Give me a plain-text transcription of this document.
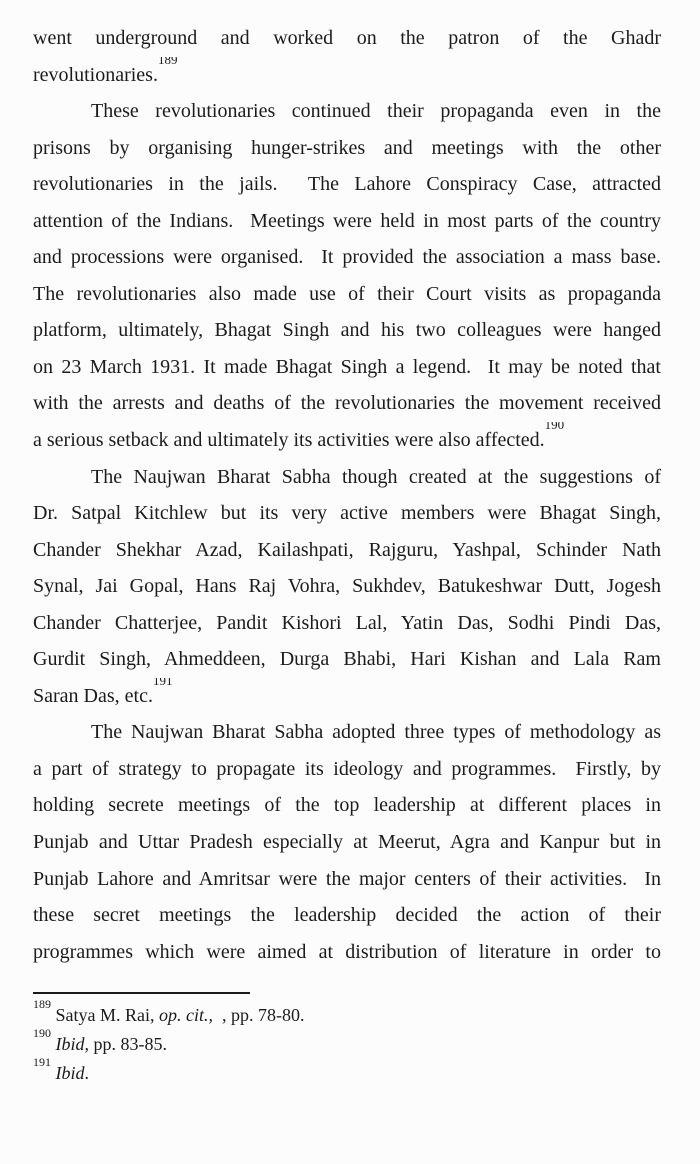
went underground and worked on the patron of the Ghadr
revolutionaries.$^{189}$
These revolutionaries continued their propaganda even in the
prisons by organising hunger-strikes and meetings with the other
revolutionaries in the jails.  The Lahore Conspiracy Case, attracted
attention of the Indians.  Meetings were held in most parts of the country
and processions were organised.  It provided the association a mass base.
The revolutionaries also made use of their Court visits as propaganda
platform, ultimately, Bhagat Singh and his two colleagues were hanged
on 23 March 1931. It made Bhagat Singh a legend.  It may be noted that
with the arrests and deaths of the revolutionaries the movement received
a serious setback and ultimately its activities were also affected.$^{190}$
The Naujwan Bharat Sabha though created at the suggestions of
Dr. Satpal Kitchlew but its very active members were Bhagat Singh,
Chander Shekhar Azad, Kailashpati, Rajguru, Yashpal, Schinder Nath
Synal, Jai Gopal, Hans Raj Vohra, Sukhdev, Batukeshwar Dutt, Jogesh
Chander Chatterjee, Pandit Kishori Lal, Yatin Das, Sodhi Pindi Das,
Gurdit Singh, Ahmeddeen, Durga Bhabi, Hari Kishan and Lala Ram
Saran Das, etc.$^{191}$
The Naujwan Bharat Sabha adopted three types of methodology as
a part of strategy to propagate its ideology and programmes.  Firstly, by
holding secrete meetings of the top leadership at different places in
Punjab and Uttar Pradesh especially at Meerut, Agra and Kanpur but in
Punjab Lahore and Amritsar were the major centers of their activities.  In
these secret meetings the leadership decided the action of their
programmes which were aimed at distribution of literature in order to
$^{189}$ Satya M. Rai, op. cit.,  , pp. 78-80.
$^{190}$ Ibid, pp. 83-85.
$^{191}$ Ibid.
